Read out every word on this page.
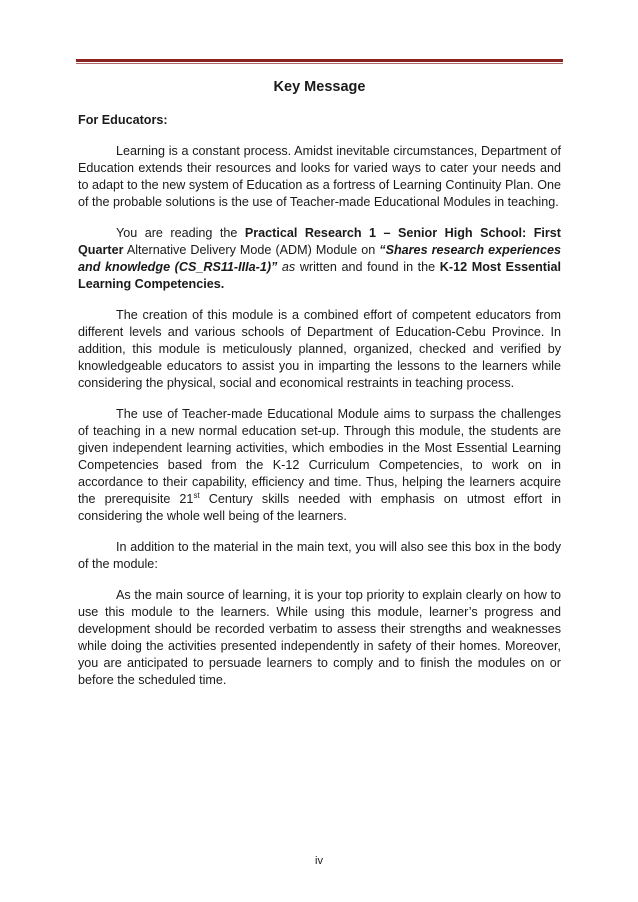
Key Message
For Educators:

Learning is a constant process. Amidst inevitable circumstances, Department of Education extends their resources and looks for varied ways to cater your needs and to adapt to the new system of Education as a fortress of Learning Continuity Plan. One of the probable solutions is the use of Teacher-made Educational Modules in teaching.

You are reading the Practical Research 1 – Senior High School: First Quarter Alternative Delivery Mode (ADM) Module on “Shares research experiences and knowledge (CS_RS11-IIIa-1)” as written and found in the K-12 Most Essential Learning Competencies.

The creation of this module is a combined effort of competent educators from different levels and various schools of Department of Education-Cebu Province. In addition, this module is meticulously planned, organized, checked and verified by knowledgeable educators to assist you in imparting the lessons to the learners while considering the physical, social and economical restraints in teaching process.

The use of Teacher-made Educational Module aims to surpass the challenges of teaching in a new normal education set-up. Through this module, the students are given independent learning activities, which embodies in the Most Essential Learning Competencies based from the K-12 Curriculum Competencies, to work on in accordance to their capability, efficiency and time. Thus, helping the learners acquire the prerequisite 21st Century skills needed with emphasis on utmost effort in considering the whole well being of the learners.

In addition to the material in the main text, you will also see this box in the body of the module:

As the main source of learning, it is your top priority to explain clearly on how to use this module to the learners. While using this module, learner’s progress and development should be recorded verbatim to assess their strengths and weaknesses while doing the activities presented independently in safety of their homes. Moreover, you are anticipated to persuade learners to comply and to finish the modules on or before the scheduled time.

iv
